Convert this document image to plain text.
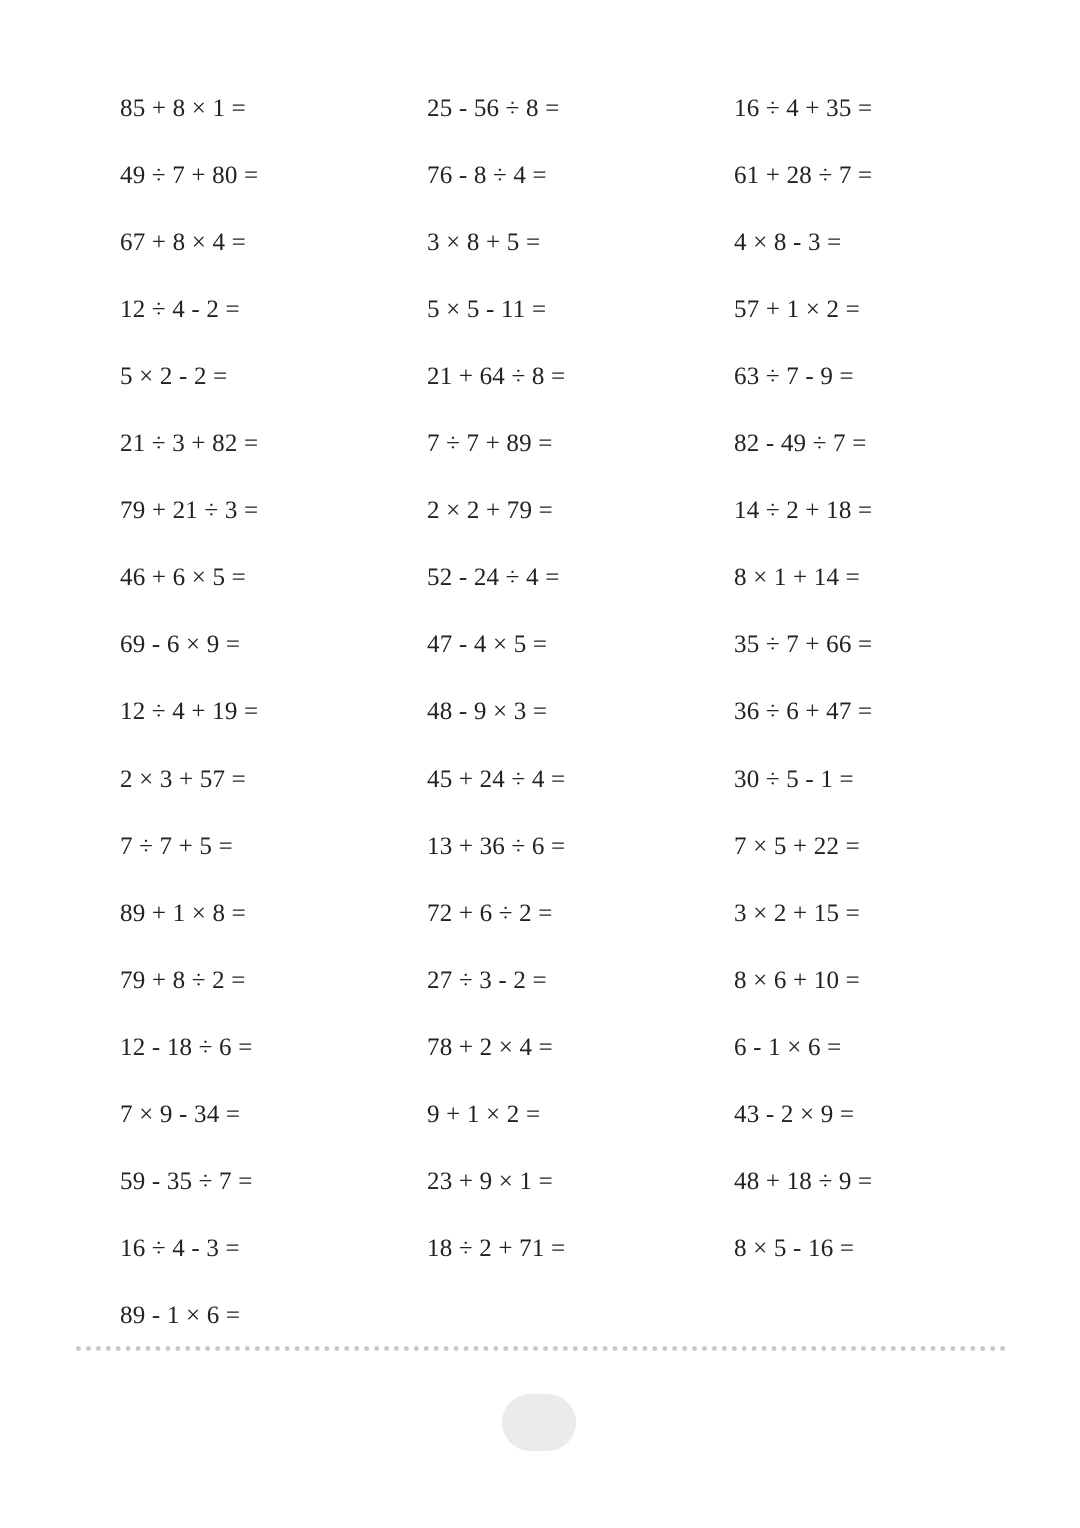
85 + 8 × 1 =
49 ÷ 7 + 80 =
67 + 8 × 4 =
12 ÷ 4 - 2 =
5 × 2 - 2 =
21 ÷ 3 + 82 =
79 + 21 ÷ 3 =
46 + 6 × 5 =
69 - 6 × 9 =
12 ÷ 4 + 19 =
2 × 3 + 57 =
7 ÷ 7 + 5 =
89 + 1 × 8 =
79 + 8 ÷ 2 =
12 - 18 ÷ 6 =
7 × 9 - 34 =
59 - 35 ÷ 7 =
16 ÷ 4 - 3 =
89 - 1 × 6 =
25 - 56 ÷ 8 =
76 - 8 ÷ 4 =
3 × 8 + 5 =
5 × 5 - 11 =
21 + 64 ÷ 8 =
7 ÷ 7 + 89 =
2 × 2 + 79 =
52 - 24 ÷ 4 =
47 - 4 × 5 =
48 - 9 × 3 =
45 + 24 ÷ 4 =
13 + 36 ÷ 6 =
72 + 6 ÷ 2 =
27 ÷ 3 - 2 =
78 + 2 × 4 =
9 + 1 × 2 =
23 + 9 × 1 =
18 ÷ 2 + 71 =
16 ÷ 4 + 35 =
61 + 28 ÷ 7 =
4 × 8 - 3 =
57 + 1 × 2 =
63 ÷ 7 - 9 =
82 - 49 ÷ 7 =
14 ÷ 2 + 18 =
8 × 1 + 14 =
35 ÷ 7 + 66 =
36 ÷ 6 + 47 =
30 ÷ 5 - 1 =
7 × 5 + 22 =
3 × 2 + 15 =
8 × 6 + 10 =
6 - 1 × 6 =
43 - 2 × 9 =
48 + 18 ÷ 9 =
8 × 5 - 16 =
